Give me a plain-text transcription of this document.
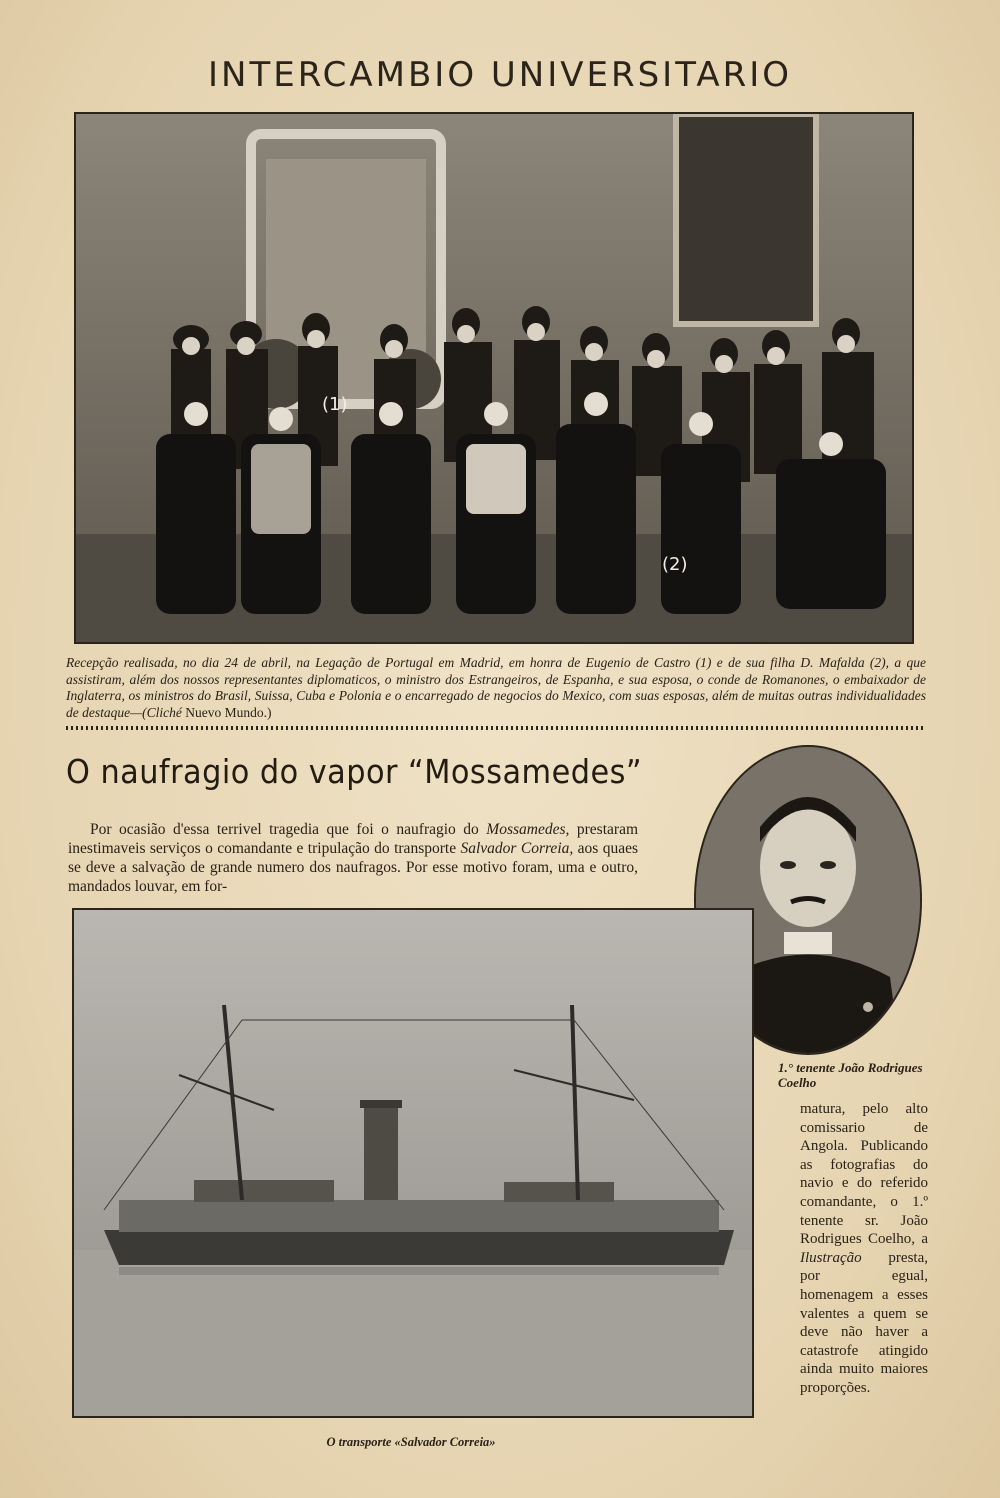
INTERCAMBIO UNIVERSITARIO
(1)
(2)
Recepção realisada, no dia 24 de abril, na Legação de Portugal em Madrid, em honra de Eugenio de Castro (1) e de sua filha D. Mafalda (2), a que assistiram, além dos nossos representantes diplomaticos, o ministro dos Estrangeiros, de Espanha, e sua esposa, o conde de Romanones, o embaixador de Inglaterra, os ministros do Brasil, Suissa, Cuba e Polonia e o encarregado de negocios do Mexico, com suas esposas, além de muitas outras individualidades de destaque—(Cliché Nuevo Mundo.)
O naufragio do vapor “Mossamedes”
Por ocasião d'essa terrivel tragedia que foi o naufragio do Mossamedes, prestaram inestimaveis serviços o comandante e tripulação do transporte Salvador Correia, aos quaes se deve a salvação de grande numero dos naufragos. Por esse motivo foram, uma e outro, mandados louvar, em for-
1.° tenente João Rodrigues Coelho
matura, pelo alto comissario de Angola. Publicando as fotografias do navio e do referido comandante, o 1.º tenente sr. João Rodrigues Coelho, a Ilustração presta, por egual, homenagem a esses valentes a quem se deve não haver a catastrofe atingido ainda muito maiores proporções.
O transporte «Salvador Correia»
